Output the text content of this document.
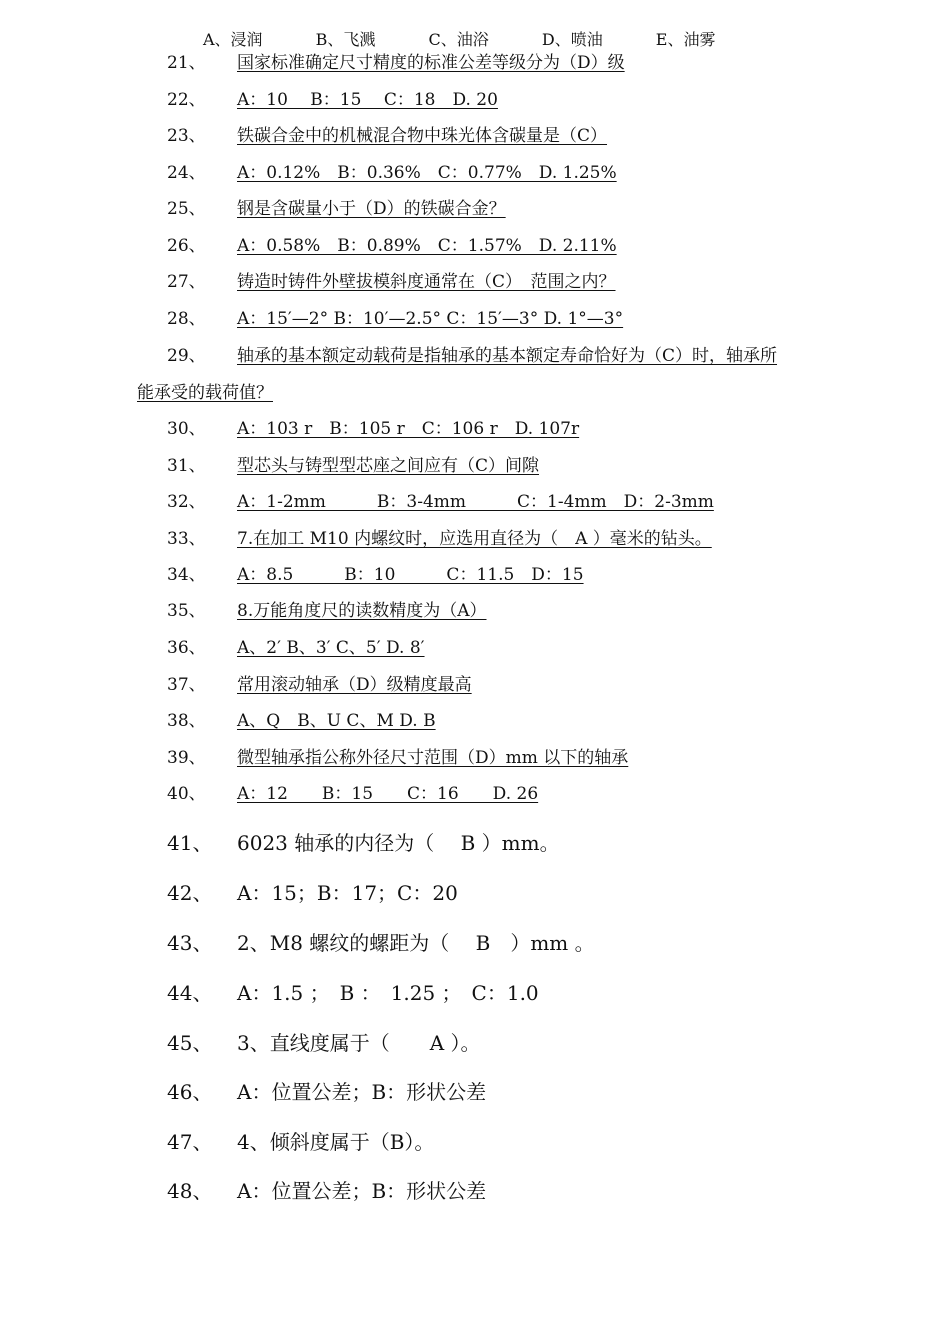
A、浸润	B、飞溅	C、油浴	D、喷油	E、油雾
21、 国家标准确定尺寸精度的标准公差等级分为（D）级
22、 A：10　 B：15　 C：18　D. 20
23、 铁碳合金中的机械混合物中珠光体含碳量是（C）
24、 A：0.12%　B：0.36%　C：0.77%　D. 1.25%
25、 钢是含碳量小于（D）的铁碳合金？
26、 A：0.58%　B：0.89%　C：1.57%　D. 2.11%
27、 铸造时铸件外壁拔模斜度通常在（C）　范围之内？
28、 A：15′—2° B：10′—2.5° C：15′—3° D. 1°—3°
29、 轴承的基本额定动载荷是指轴承的基本额定寿命恰好为（C）时，轴承所
能承受的载荷值？
30、 A：103 r　B：105 r　C：106 r　D. 107r
31、 型芯头与铸型型芯座之间应有（C）间隙
32、 A：1-2mm　　　B：3-4mm　　　C：1-4mm　D：2-3mm
33、 7.在加工 M10 内螺纹时，应选用直径为（　A ）毫米的钻头。
34、 A：8.5　　　B：10　　　C：11.5　D：15
35、 8.万能角度尺的读数精度为（A）
36、 A、2′ B、3′ C、5′ D. 8′
37、 常用滚动轴承（D）级精度最高
38、 A、Q　B、U C、M D. B
39、 微型轴承指公称外径尺寸范围（D）mm 以下的轴承
40、 A：12　　B：15　　C：16　　D. 26
41、 6023 轴承的内径为（　 B ）mm。
42、 A：15；B：17；C：20
43、 2、M8 螺纹的螺距为（　 B　）mm 。
44、 A：1.5 ；　B ：　1.25 ；　C：1.0
45、 3、直线度属于（　　A ）。
46、 A：位置公差；B：形状公差
47、 4、倾斜度属于（B）。
48、 A：位置公差；B：形状公差
